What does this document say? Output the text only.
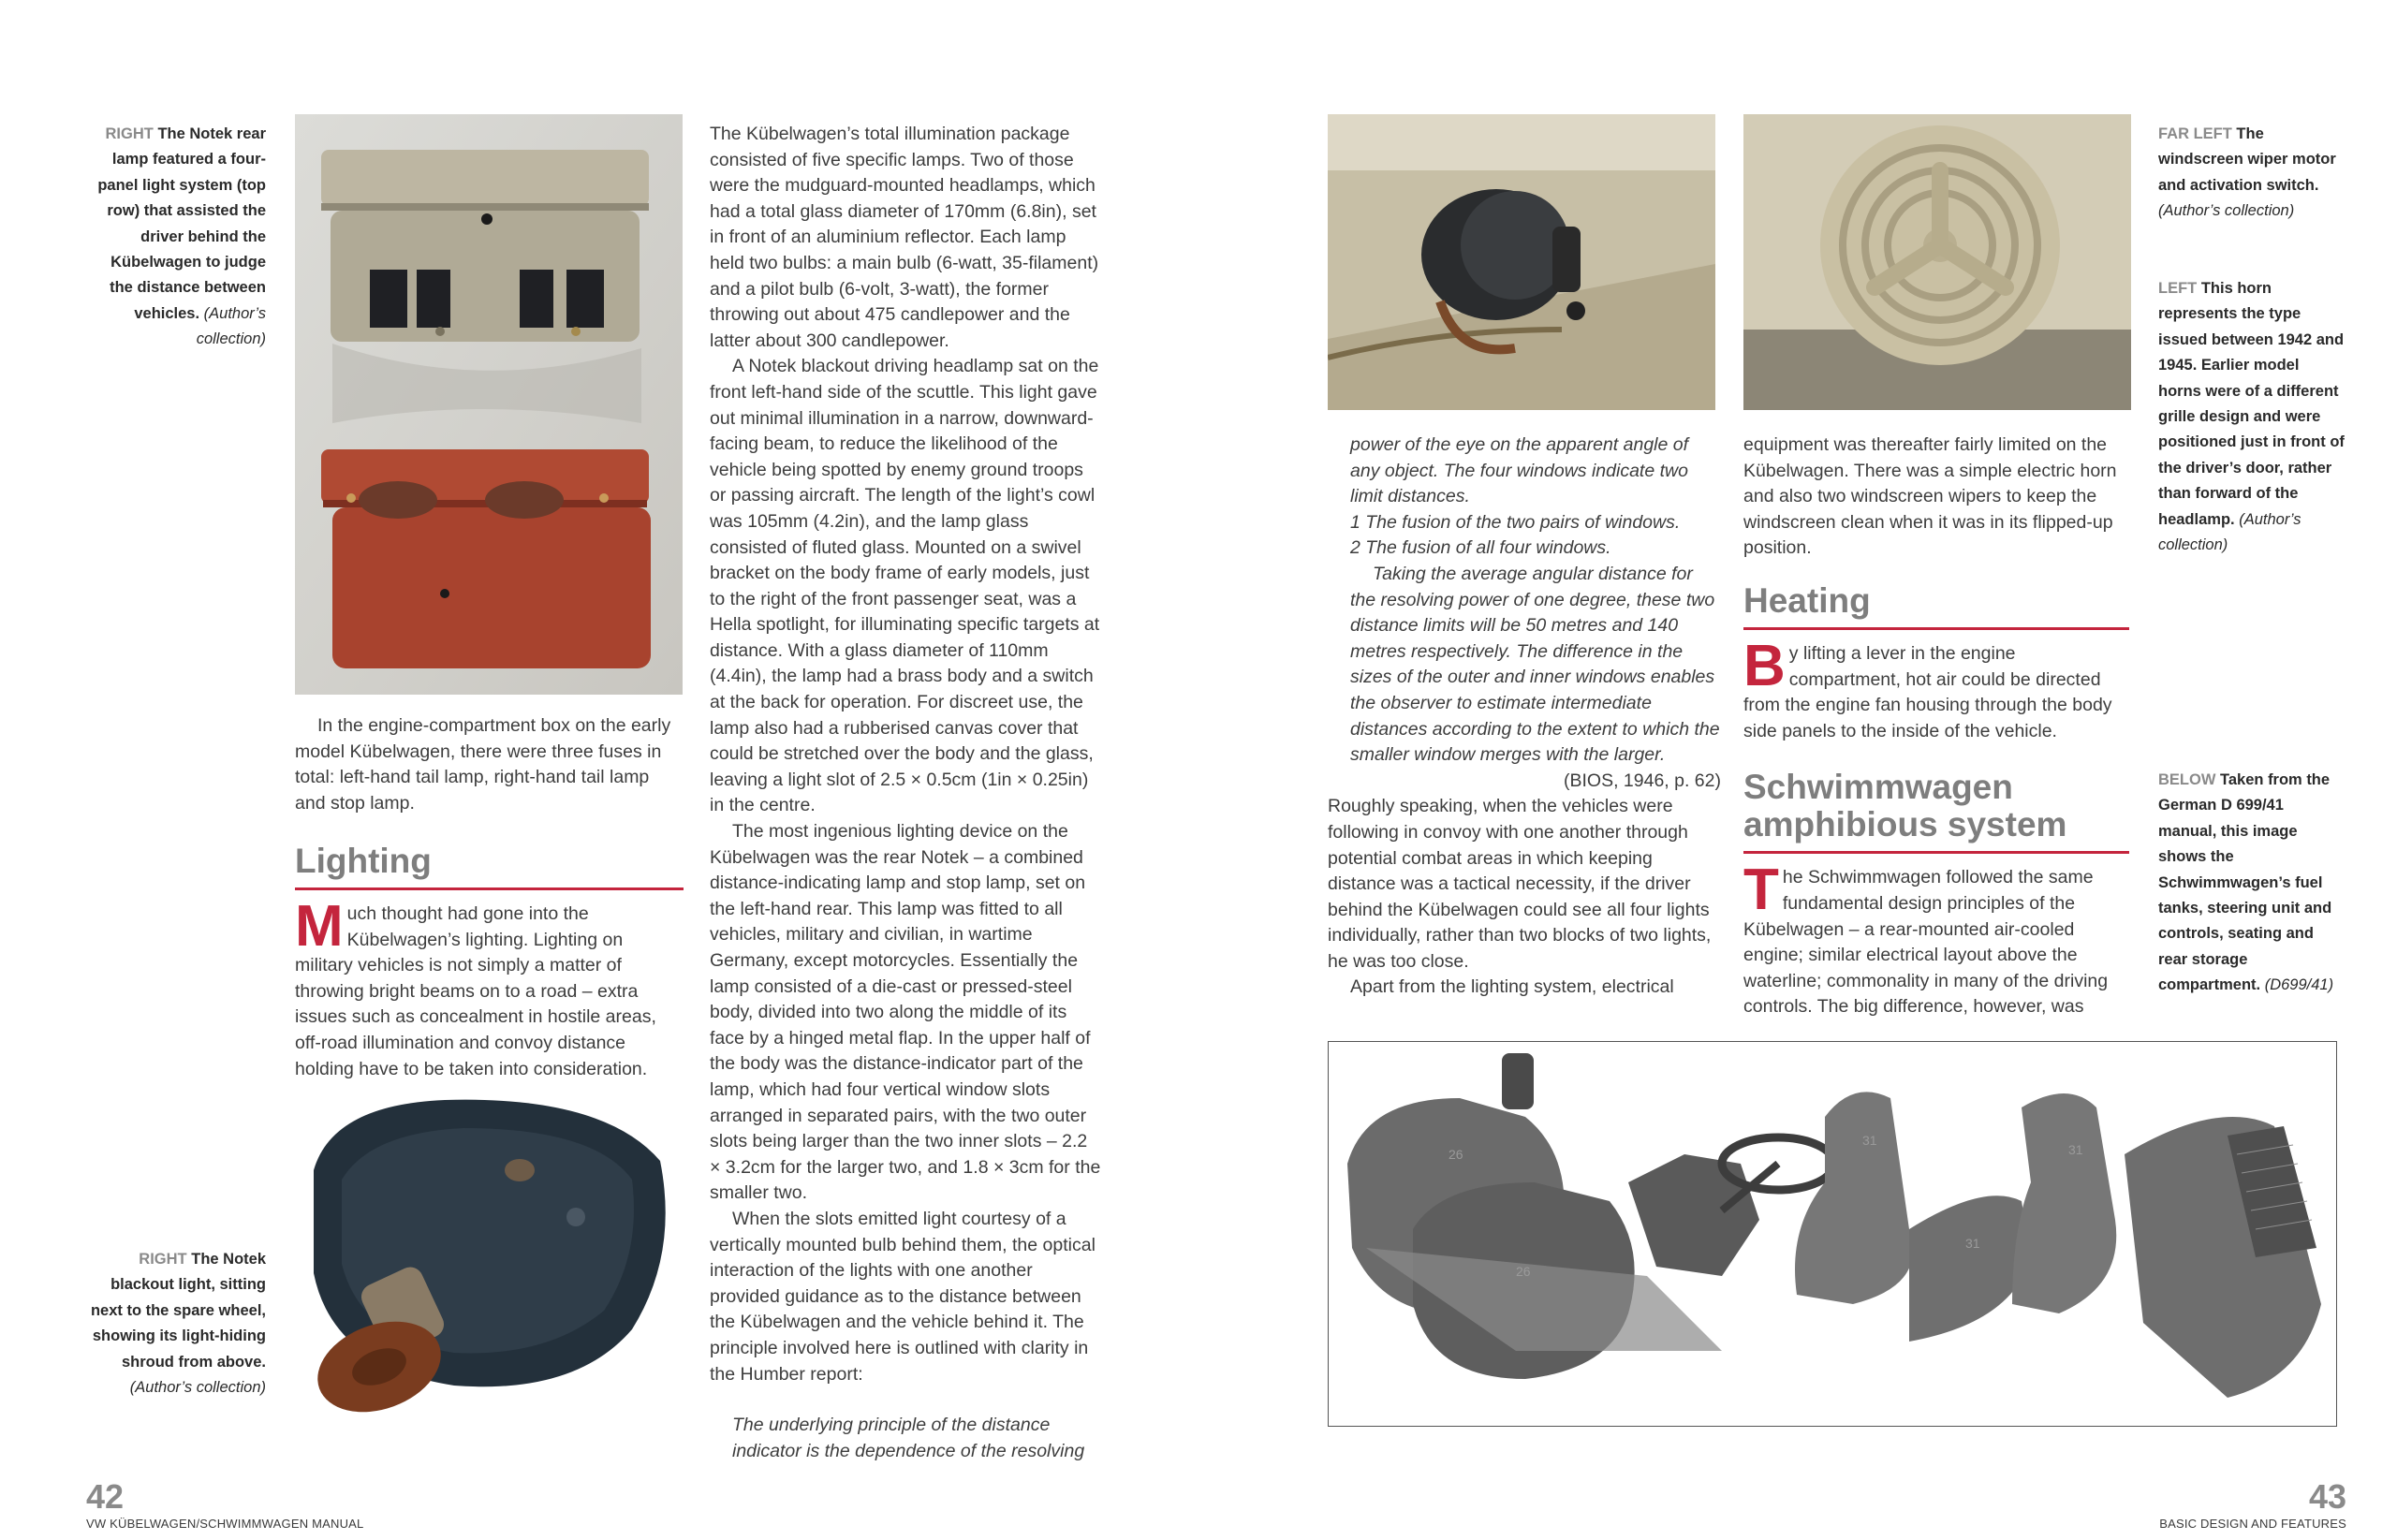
RIGHT The Notek rear lamp featured a four-panel light system (top row) that assisted the driver behind the Kübelwagen to judge the distance between vehicles. (Author’s collection)

In the engine-compartment box on the early model Kübelwagen, there were three fuses in total: left-hand tail lamp, right-hand tail lamp and stop lamp.

Lighting
M uch thought had gone into the Kübelwagen’s lighting. Lighting on military vehicles is not simply a matter of throwing bright beams on to a road – extra issues such as concealment in hostile areas, off-road illumination and convoy distance holding have to be taken into consideration.
RIGHT The Notek blackout light, sitting next to the spare wheel, showing its light-hiding shroud from above. (Author’s collection)

The Kübelwagen’s total illumination package consisted of five specific lamps. Two of those were the mudguard-mounted headlamps, which had a total glass diameter of 170mm (6.8in), set in front of an aluminium reflector. Each lamp held two bulbs: a main bulb (6-watt, 35-filament) and a pilot bulb (6-volt, 3-watt), the former throwing out about 475 candlepower and the latter about 300 candlepower.

A Notek blackout driving headlamp sat on the front left-hand side of the scuttle. This light gave out minimal illumination in a narrow, downward-facing beam, to reduce the likelihood of the vehicle being spotted by enemy ground troops or passing aircraft. The length of the light’s cowl was 105mm (4.2in), and the lamp glass consisted of fluted glass. Mounted on a swivel bracket on the body frame of early models, just to the right of the front passenger seat, was a Hella spotlight, for illuminating specific targets at distance. With a glass diameter of 110mm (4.4in), the lamp had a brass body and a switch at the back for operation. For discreet use, the lamp also had a rubberised canvas cover that could be stretched over the body and the glass, leaving a light slot of 2.5 × 0.5cm (1in × 0.25in) in the centre.

The most ingenious lighting device on the Kübelwagen was the rear Notek – a combined distance-indicating lamp and stop lamp, set on the left-hand rear. This lamp was fitted to all vehicles, military and civilian, in wartime Germany, except motorcycles. Essentially the lamp consisted of a die-cast or pressed-steel body, divided into two along the middle of its face by a hinged metal flap. In the upper half of the body was the distance-indicator part of the lamp, which had four vertical window slots arranged in separated pairs, with the two outer slots being larger than the two inner slots – 2.2 × 3.2cm for the larger two, and 1.8 × 3cm for the smaller two.

When the slots emitted light courtesy of a vertically mounted bulb behind them, the optical interaction of the lights with one another provided guidance as to the distance between the Kübelwagen and the vehicle behind it. The principle involved here is outlined with clarity in the Humber report:

The underlying principle of the distance indicator is the dependence of the resolving

42
VW KÜBELWAGEN/SCHWIMMWAGEN MANUAL

power of the eye on the apparent angle of any object. The four windows indicate two limit distances.

1 The fusion of the two pairs of windows.

2 The fusion of all four windows.

Taking the average angular distance for the resolving power of one degree, these two distance limits will be 50 metres and 140 metres respectively. The difference in the sizes of the outer and inner windows enables the observer to estimate intermediate distances according to the extent to which the smaller window merges with the larger.

(BIOS, 1946, p. 62)

Roughly speaking, when the vehicles were following in convoy with one another through potential combat areas in which keeping distance was a tactical necessity, if the driver behind the Kübelwagen could see all four lights individually, rather than two blocks of two lights, he was too close.

Apart from the lighting system, electrical

equipment was thereafter fairly limited on the Kübelwagen. There was a simple electric horn and also two windscreen wipers to keep the windscreen clean when it was in its flipped-up position.

Heating
B y lifting a lever in the engine compartment, hot air could be directed from the engine fan housing through the body side panels to the inside of the vehicle.
Schwimmwagen
amphibious system
T he Schwimmwagen followed the same fundamental design principles of the Kübelwagen – a rear-mounted air-cooled engine; similar electrical layout above the waterline; commonality in many of the driving controls. The big difference, however, was
FAR LEFT The windscreen wiper motor and activation switch. (Author’s collection)
LEFT This horn represents the type issued between 1942 and 1945. Earlier model horns were of a different grille design and were positioned just in front of the driver’s door, rather than forward of the headlamp. (Author’s collection)
BELOW Taken from the German D 699/41 manual, this image shows the Schwimmwagen’s fuel tanks, steering unit and controls, seating and rear storage compartment. (D699/41)
26
26
31
31
31
43
BASIC DESIGN AND FEATURES
